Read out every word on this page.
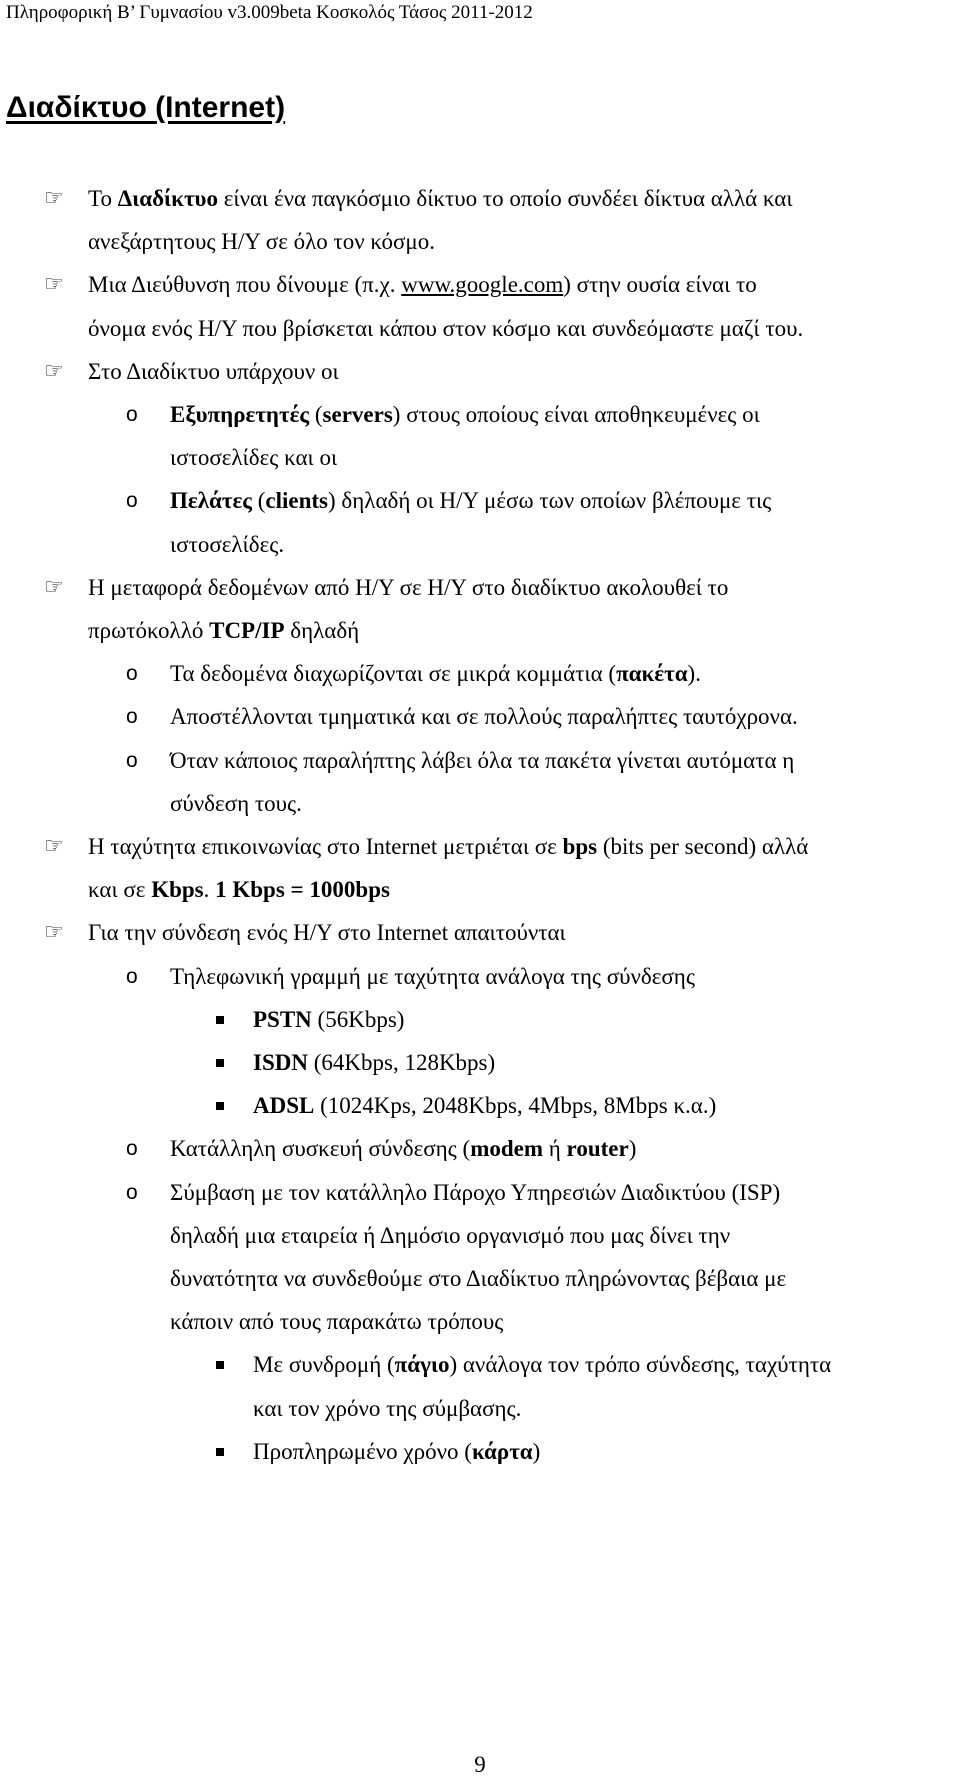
Πληροφορική Β’ Γυμνασίου v3.009beta Κοσκολός Τάσος 2011-2012
Διαδίκτυο (Internet)
☞ Το Διαδίκτυο είναι ένα παγκόσμιο δίκτυο το οποίο συνδέει δίκτυα αλλά και
ανεξάρτητους Η/Υ σε όλο τον κόσμο.
☞ Μια Διεύθυνση που δίνουμε (π.χ. www.google.com) στην ουσία είναι το
όνομα ενός Η/Υ που βρίσκεται κάπου στον κόσμο και συνδεόμαστε μαζί του.
☞ Στο Διαδίκτυο υπάρχουν οι
o Εξυπηρετητές (servers) στους οποίους είναι αποθηκευμένες οι
ιστοσελίδες και οι
o Πελάτες (clients) δηλαδή οι Η/Υ μέσω των οποίων βλέπουμε τις
ιστοσελίδες.
☞ Η μεταφορά δεδομένων από Η/Υ σε Η/Υ στο διαδίκτυο ακολουθεί το
πρωτόκολλό TCP/IP δηλαδή
o Τα δεδομένα διαχωρίζονται σε μικρά κομμάτια (πακέτα).
o Αποστέλλονται τμηματικά και σε πολλούς παραλήπτες ταυτόχρονα.
o Όταν κάποιος παραλήπτης λάβει όλα τα πακέτα γίνεται αυτόματα η
σύνδεση τους.
☞ Η ταχύτητα επικοινωνίας στο Internet μετριέται σε bps (bits per second) αλλά
και σε Kbps. 1 Kbps = 1000bps
☞ Για την σύνδεση ενός Η/Υ στο Internet απαιτούνται
o Τηλεφωνική γραμμή με ταχύτητα ανάλογα της σύνδεσης
PSTN (56Kbps)
ISDN (64Kbps, 128Kbps)
ADSL (1024Kps, 2048Kbps, 4Mbps, 8Mbps κ.α.)
o Κατάλληλη συσκευή σύνδεσης (modem ή router)
o Σύμβαση με τον κατάλληλο Πάροχο Υπηρεσιών Διαδικτύου (ISP)
δηλαδή μια εταιρεία ή Δημόσιο οργανισμό που μας δίνει την
δυνατότητα να συνδεθούμε στο Διαδίκτυο πληρώνοντας βέβαια με
κάποιν από τους παρακάτω τρόπους
Με συνδρομή (πάγιο) ανάλογα τον τρόπο σύνδεσης, ταχύτητα
και τον χρόνο της σύμβασης.
Προπληρωμένο χρόνο (κάρτα)
9
